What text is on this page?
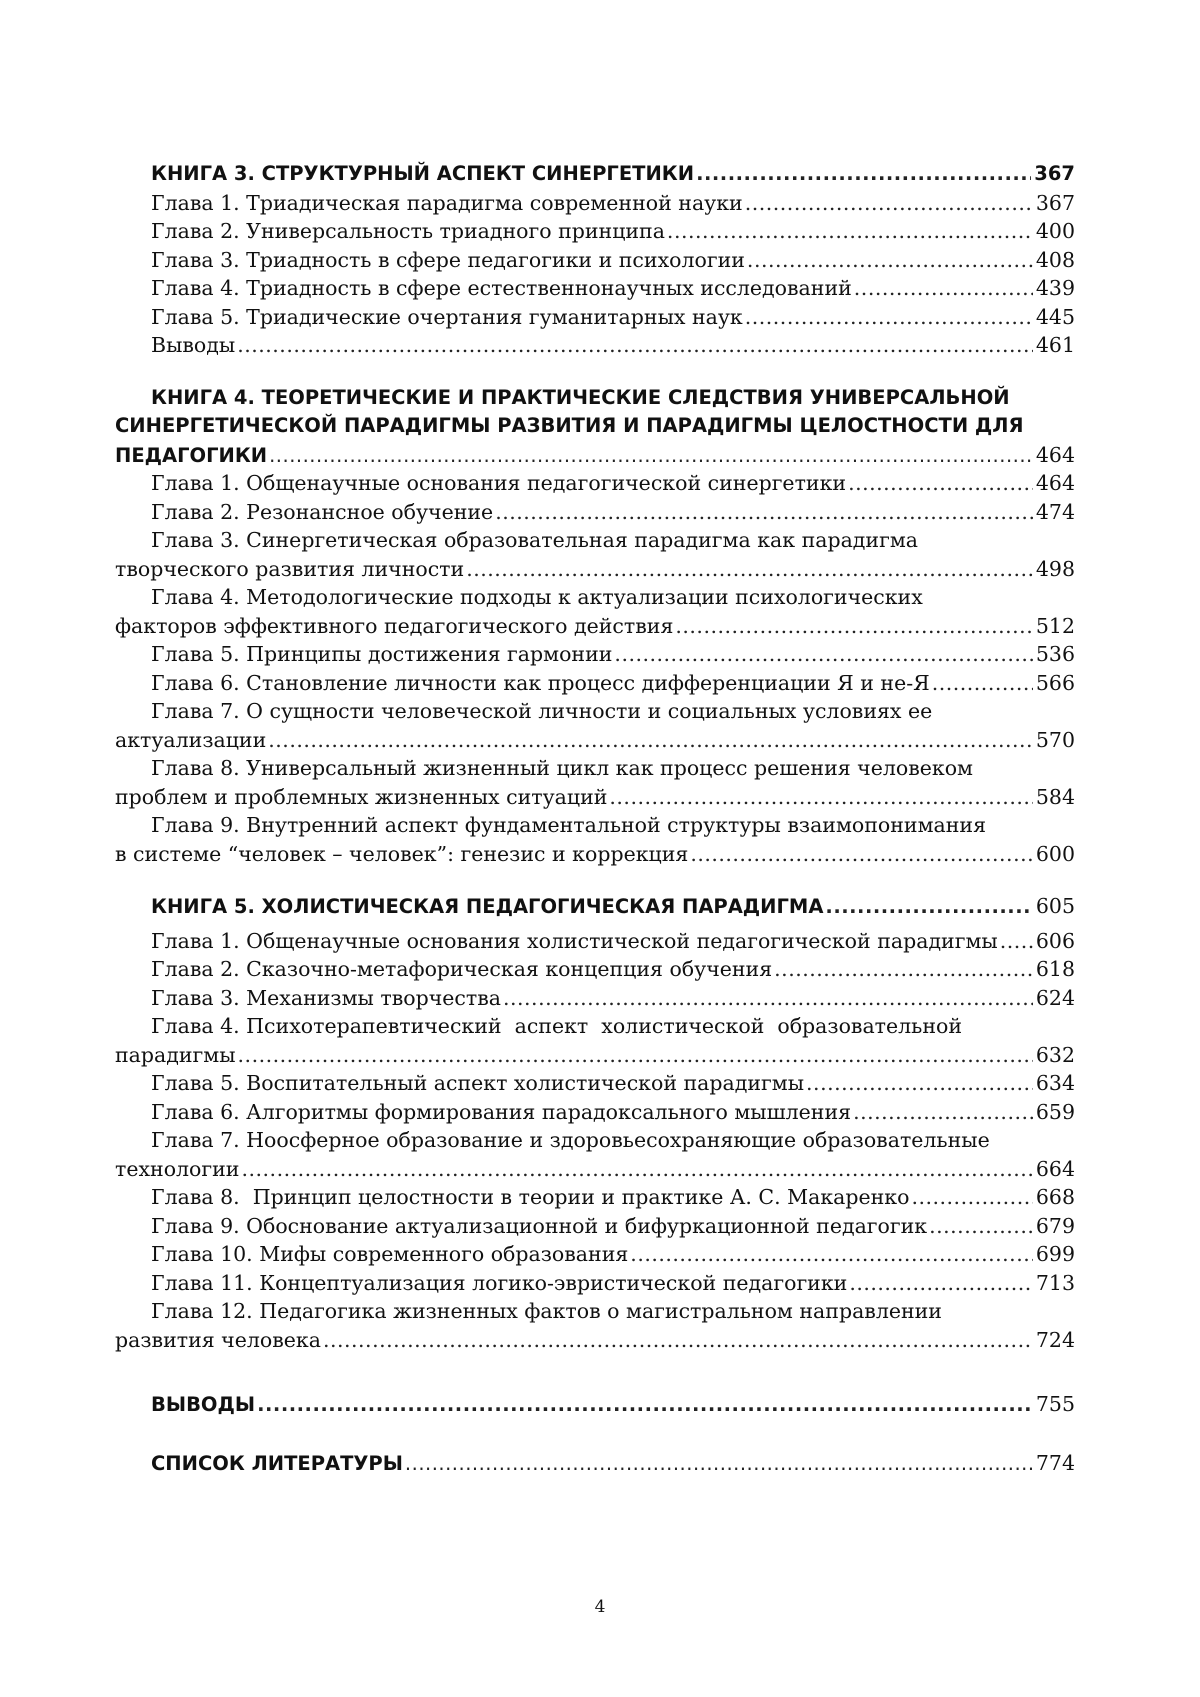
КНИГА 3. СТРУКТУРНЫЙ АСПЕКТ СИНЕРГЕТИКИ .....	367
Глава 1. Триадическая парадигма современной науки .....	367
Глава 2. Универсальность триадного принципа .....	400
Глава 3. Триадность в сфере педагогики и психологии .....	408
Глава 4. Триадность в сфере естественнонаучных исследований .....	439
Глава 5. Триадические очертания гуманитарных наук .....	445
Выводы .....	461
КНИГА 4. ТЕОРЕТИЧЕСКИЕ И ПРАКТИЧЕСКИЕ СЛЕДСТВИЯ УНИВЕРСАЛЬНОЙ
СИНЕРГЕТИЧЕСКОЙ ПАРАДИГМЫ РАЗВИТИЯ И ПАРАДИГМЫ ЦЕЛОСТНОСТИ ДЛЯ
ПЕДАГОГИКИ .....	464
Глава 1. Общенаучные основания педагогической синергетики .....	464
Глава 2. Резонансное обучение .....	474
Глава 3. Синергетическая образовательная парадигма как парадигма
творческого развития личности .....	498
Глава 4. Методологические подходы к актуализации психологических
факторов эффективного педагогического действия .....	512
Глава 5. Принципы достижения гармонии .....	536
Глава 6. Становление личности как процесс дифференциации Я и не-Я .....	566
Глава 7. О сущности человеческой личности и социальных условиях ее
актуализации .....	570
Глава 8. Универсальный жизненный цикл как процесс решения человеком
проблем и проблемных жизненных ситуаций .....	584
Глава 9. Внутренний аспект фундаментальной структуры взаимопонимания
в системе “человек – человек”: генезис и коррекция .....	600
КНИГА 5. ХОЛИСТИЧЕСКАЯ ПЕДАГОГИЧЕСКАЯ ПАРАДИГМА .....	605
Глава 1. Общенаучные основания холистической педагогической парадигмы ..... 606
Глава 2. Сказочно-метафорическая концепция обучения .....	618
Глава 3. Механизмы творчества .....	624
Глава 4. Психотерапевтический  аспект  холистической  образовательной
парадигмы .....	632
Глава 5. Воспитательный аспект холистической парадигмы .....	634
Глава 6. Алгоритмы формирования парадоксального мышления .....	659
Глава 7. Ноосферное образование и здоровьесохраняющие образовательные
технологии .....	664
Глава 8.  Принцип целостности в теории и практике А. С. Макаренко .....	668
Глава 9. Обоснование актуализационной и бифуркационной педагогик .....	679
Глава 10. Мифы современного образования .....	699
Глава 11. Концептуализация логико-эвристической педагогики .....	713
Глава 12. Педагогика жизненных фактов о магистральном направлении
развития человека .....	724
ВЫВОДЫ .....	755
СПИСОК ЛИТЕРАТУРЫ .....	774
4
